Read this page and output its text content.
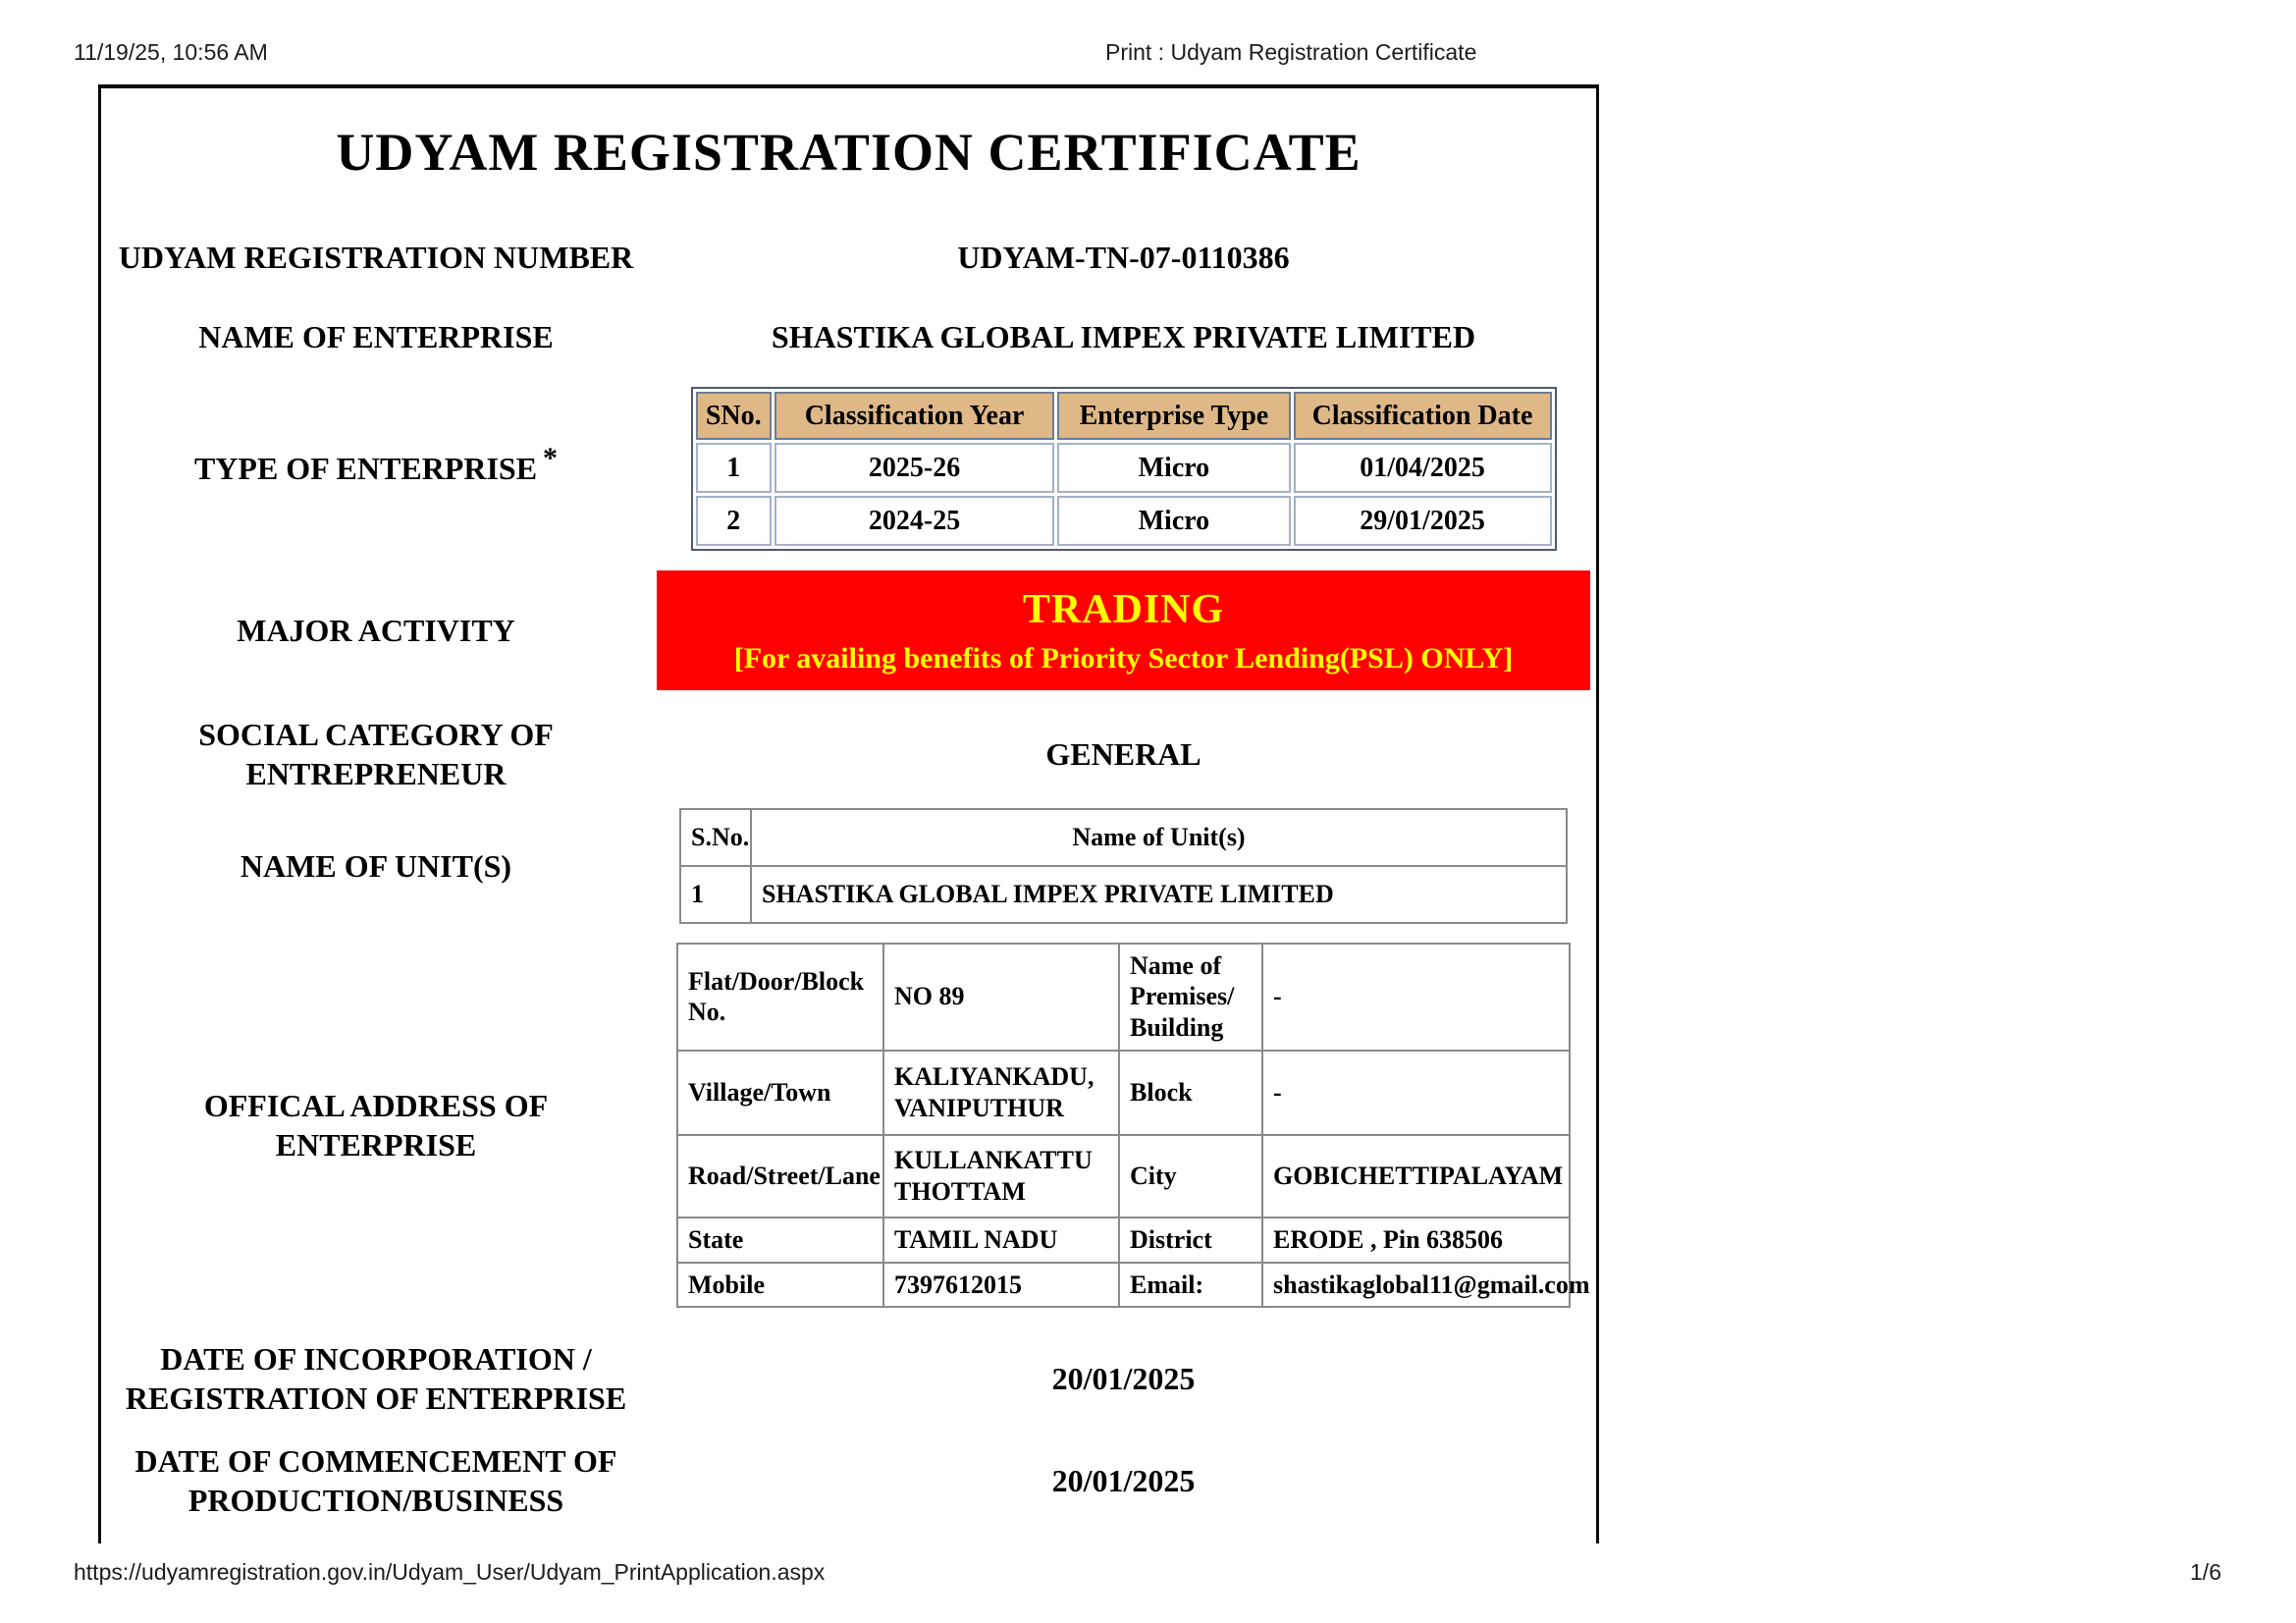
11/19/25, 10:56 AM	Print : Udyam Registration Certificate
UDYAM REGISTRATION CERTIFICATE
UDYAM REGISTRATION NUMBER	UDYAM-TN-07-0110386
NAME OF ENTERPRISE	SHASTIKA GLOBAL IMPEX PRIVATE LIMITED
TYPE OF ENTERPRISE *
SNo.	Classification Year	Enterprise Type	Classification Date
1	2025-26	Micro	01/04/2025
2	2024-25	Micro	29/01/2025
MAJOR ACTIVITY	TRADING
[For availing benefits of Priority Sector Lending(PSL) ONLY]
SOCIAL CATEGORY OF ENTREPRENEUR
GENERAL
NAME OF UNIT(S)
S.No.	Name of Unit(s)
1	SHASTIKA GLOBAL IMPEX PRIVATE LIMITED
OFFICAL ADDRESS OF ENTERPRISE
Flat/Door/Block No.	NO 89	Name of Premises/ Building	-
Village/Town	KALIYANKADU, VANIPUTHUR	Block	-
Road/Street/Lane	KULLANKATTU THOTTAM	City	GOBICHETTIPALAYAM
State	TAMIL NADU	District	ERODE , Pin 638506
Mobile	7397612015	Email:	shastikaglobal11@gmail.com
DATE OF INCORPORATION / REGISTRATION OF ENTERPRISE
20/01/2025
DATE OF COMMENCEMENT OF PRODUCTION/BUSINESS
20/01/2025
https://udyamregistration.gov.in/Udyam_User/Udyam_PrintApplication.aspx	1/6
